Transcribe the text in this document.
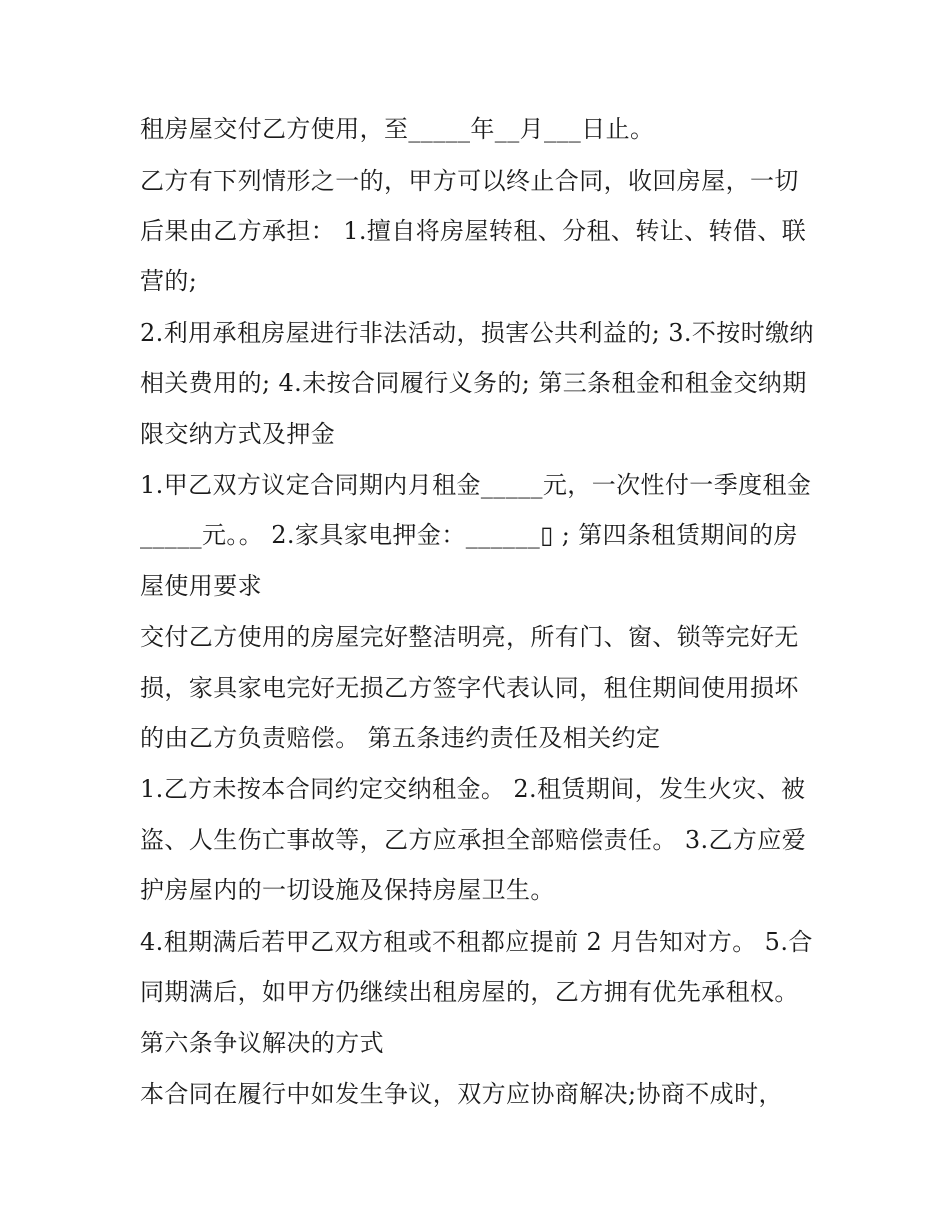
租房屋交付乙方使用，至_____年__月___日止。
乙方有下列情形之一的，甲方可以终止合同，收回房屋，一切
后果由乙方承担： 1.擅自将房屋转租、分租、转让、转借、联
营的;
2.利用承租房屋进行非法活动，损害公共利益的; 3.不按时缴纳
相关费用的; 4.未按合同履行义务的; 第三条租金和租金交纳期
限交纳方式及押金
1.甲乙双方议定合同期内月租金_____元，一次性付一季度租金
_____元。。 2.家具家电押金：______▯ ; 第四条租赁期间的房
屋使用要求
交付乙方使用的房屋完好整洁明亮，所有门、窗、锁等完好无
损，家具家电完好无损乙方签字代表认同，租住期间使用损坏
的由乙方负责赔偿。 第五条违约责任及相关约定
1.乙方未按本合同约定交纳租金。 2.租赁期间，发生火灾、被
盗、人生伤亡事故等，乙方应承担全部赔偿责任。 3.乙方应爱
护房屋内的一切设施及保持房屋卫生。
4.租期满后若甲乙双方租或不租都应提前 2 月告知对方。 5.合
同期满后，如甲方仍继续出租房屋的，乙方拥有优先承租权。
第六条争议解决的方式
本合同在履行中如发生争议，双方应协商解决;协商不成时，
